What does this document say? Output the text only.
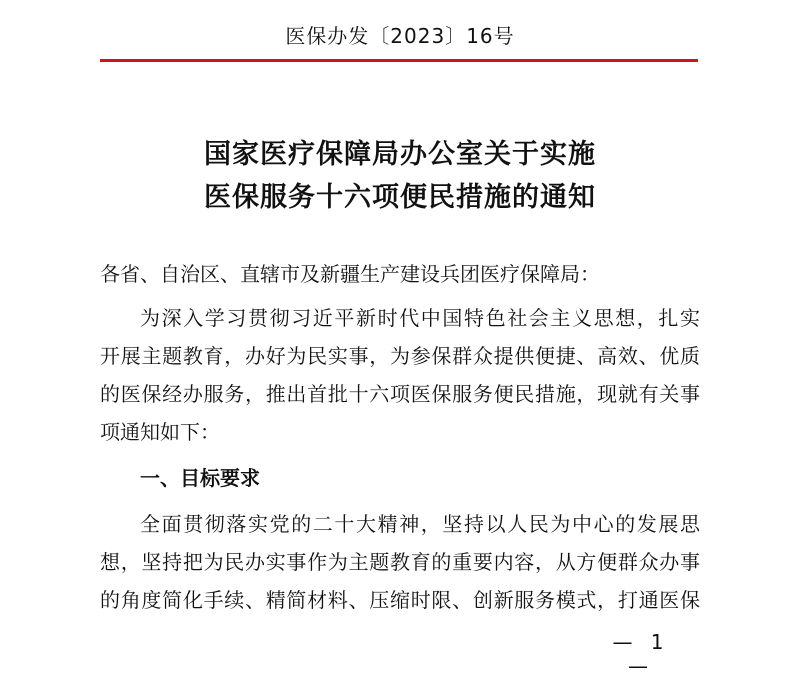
医保办发〔2023〕16号
国家医疗保障局办公室关于实施
医保服务十六项便民措施的通知
各省、自治区、直辖市及新疆生产建设兵团医疗保障局：
为深入学习贯彻习近平新时代中国特色社会主义思想，扎实
开展主题教育，办好为民实事，为参保群众提供便捷、高效、优质
的医保经办服务，推出首批十六项医保服务便民措施，现就有关事
项通知如下：
一、目标要求
全面贯彻落实党的二十大精神，坚持以人民为中心的发展思
想，坚持把为民办实事作为主题教育的重要内容，从方便群众办事
的角度简化手续、精简材料、压缩时限、创新服务模式，打通医保
— 1 —
